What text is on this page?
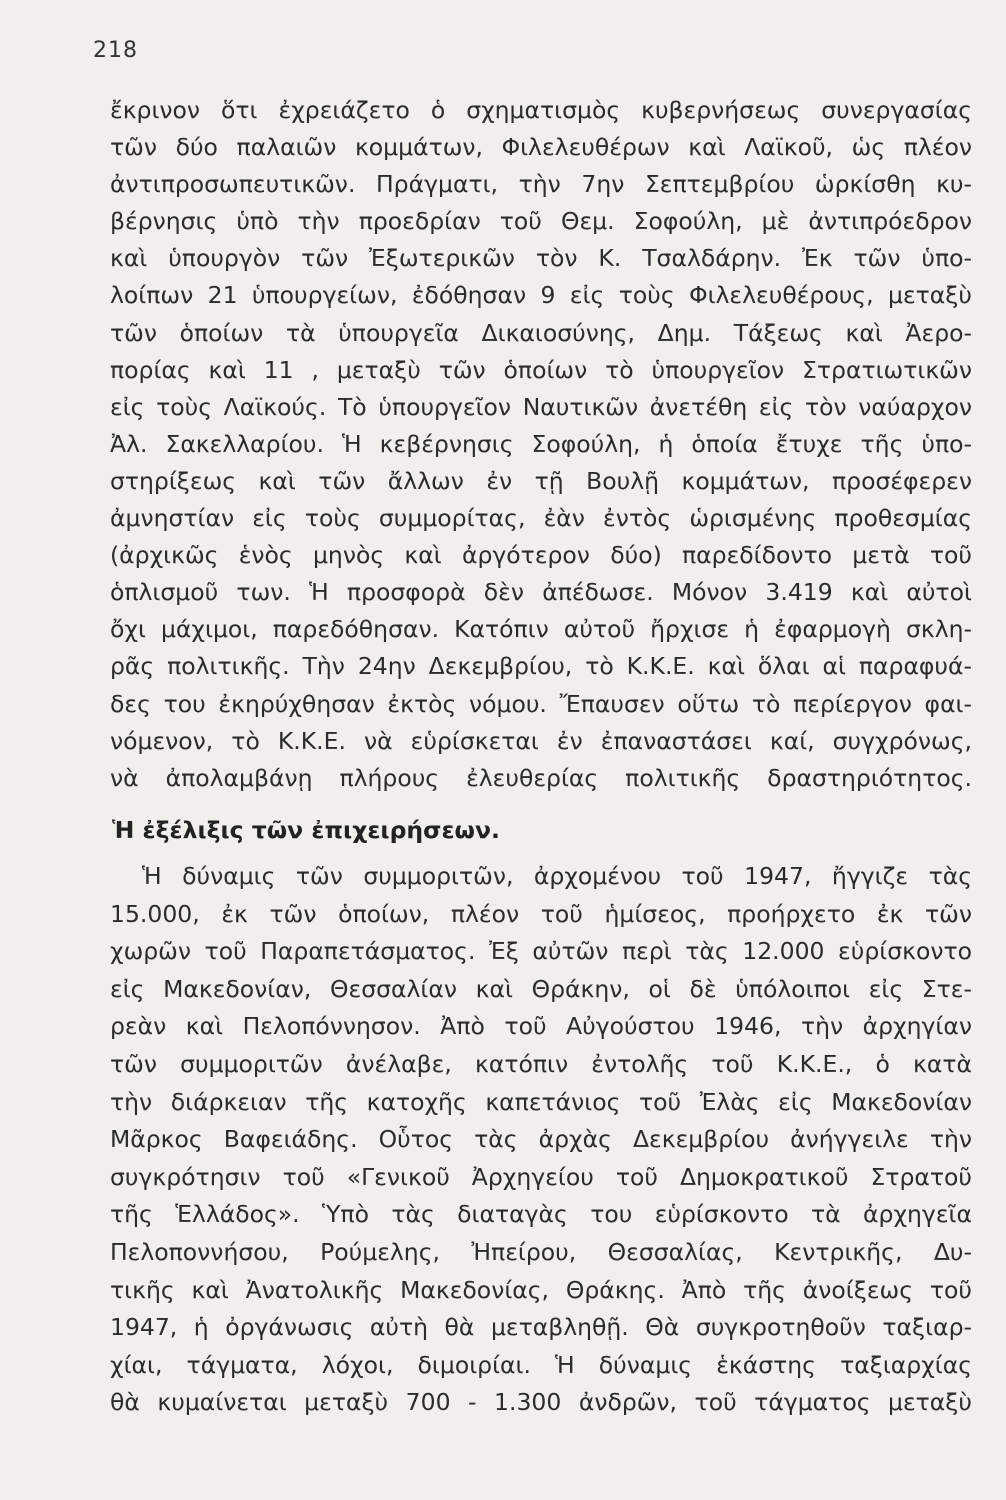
218
ἔκρινον ὅτι ἐχρειάζετο ὁ σχηματισμὸς κυβερνήσεως συνεργασίας
τῶν δύο παλαιῶν κομμάτων, Φιλελευθέρων καὶ Λαϊκοῦ, ὡς πλέον
ἀντιπροσωπευτικῶν. Πράγματι, τὴν 7ην Σεπτεμβρίου ὡρκίσθη κυ-
βέρνησις ὑπὸ τὴν προεδρίαν τοῦ Θεμ. Σοφούλη, μὲ ἀντιπρόεδρον
καὶ ὑπουργὸν τῶν Ἐξωτερικῶν τὸν Κ. Τσαλδάρην. Ἐκ τῶν ὑπο-
λοίπων 21 ὑπουργείων, ἐδόθησαν 9 εἰς τοὺς Φιλελευθέρους, μεταξὺ
τῶν ὁποίων τὰ ὑπουργεῖα Δικαιοσύνης, Δημ. Τάξεως καὶ Ἀερο-
πορίας καὶ 11 , μεταξὺ τῶν ὁποίων τὸ ὑπουργεῖον Στρατιωτικῶν
εἰς τοὺς Λαϊκούς. Τὸ ὑπουργεῖον Ναυτικῶν ἀνετέθη εἰς τὸν ναύαρχον
Ἀλ. Σακελλαρίου. Ἡ κεβέρνησις Σοφούλη, ἡ ὁποία ἔτυχε τῆς ὑπο-
στηρίξεως καὶ τῶν ἄλλων ἐν τῇ Βουλῇ κομμάτων, προσέφερεν
ἀμνηστίαν εἰς τοὺς συμμορίτας, ἐὰν ἐντὸς ὡρισμένης προθεσμίας
(ἀρχικῶς ἑνὸς μηνὸς καὶ ἀργότερον δύο) παρεδίδοντο μετὰ τοῦ
ὁπλισμοῦ των. Ἡ προσφορὰ δὲν ἀπέδωσε. Μόνον 3.419 καὶ αὐτοὶ
ὄχι μάχιμοι, παρεδόθησαν. Κατόπιν αὐτοῦ ἤρχισε ἡ ἐφαρμογὴ σκλη-
ρᾶς πολιτικῆς. Τὴν 24ην Δεκεμβρίου, τὸ Κ.Κ.Ε. καὶ ὅλαι αἱ παραφυά-
δες του ἐκηρύχθησαν ἐκτὸς νόμου. Ἔπαυσεν οὕτω τὸ περίεργον φαι-
νόμενον, τὸ Κ.Κ.Ε. νὰ εὑρίσκεται ἐν ἐπαναστάσει καί, συγχρόνως,
νὰ ἀπολαμβάνῃ πλήρους ἐλευθερίας πολιτικῆς δραστηριότητος.
Ἡ ἐξέλιξις τῶν ἐπιχειρήσεων.
Ἡ δύναμις τῶν συμμοριτῶν, ἀρχομένου τοῦ 1947, ἤγγιζε τὰς
15.000, ἐκ τῶν ὁποίων, πλέον τοῦ ἡμίσεος, προήρχετο ἐκ τῶν
χωρῶν τοῦ Παραπετάσματος. Ἐξ αὐτῶν περὶ τὰς 12.000 εὑρίσκοντο
εἰς Μακεδονίαν, Θεσσαλίαν καὶ Θράκην, οἱ δὲ ὑπόλοιποι εἰς Στε-
ρεὰν καὶ Πελοπόννησον. Ἀπὸ τοῦ Αὐγούστου 1946, τὴν ἀρχηγίαν
τῶν συμμοριτῶν ἀνέλαβε, κατόπιν ἐντολῆς τοῦ Κ.Κ.Ε., ὁ κατὰ
τὴν διάρκειαν τῆς κατοχῆς καπετάνιος τοῦ Ἐλὰς εἰς Μακεδονίαν
Μᾶρκος Βαφειάδης. Οὗτος τὰς ἀρχὰς Δεκεμβρίου ἀνήγγειλε τὴν
συγκρότησιν τοῦ «Γενικοῦ Ἀρχηγείου τοῦ Δημοκρατικοῦ Στρατοῦ
τῆς Ἑλλάδος». Ὑπὸ τὰς διαταγὰς του εὑρίσκοντο τὰ ἀρχηγεῖα
Πελοποννήσου, Ρούμελης, Ἠπείρου, Θεσσαλίας, Κεντρικῆς, Δυ-
τικῆς καὶ Ἀνατολικῆς Μακεδονίας, Θράκης. Ἀπὸ τῆς ἀνοίξεως τοῦ
1947, ἡ ὀργάνωσις αὐτὴ θὰ μεταβληθῇ. Θὰ συγκροτηθοῦν ταξιαρ-
χίαι, τάγματα, λόχοι, διμοιρίαι. Ἡ δύναμις ἑκάστης ταξιαρχίας
θὰ κυμαίνεται μεταξὺ 700 - 1.300 ἀνδρῶν, τοῦ τάγματος μεταξὺ
